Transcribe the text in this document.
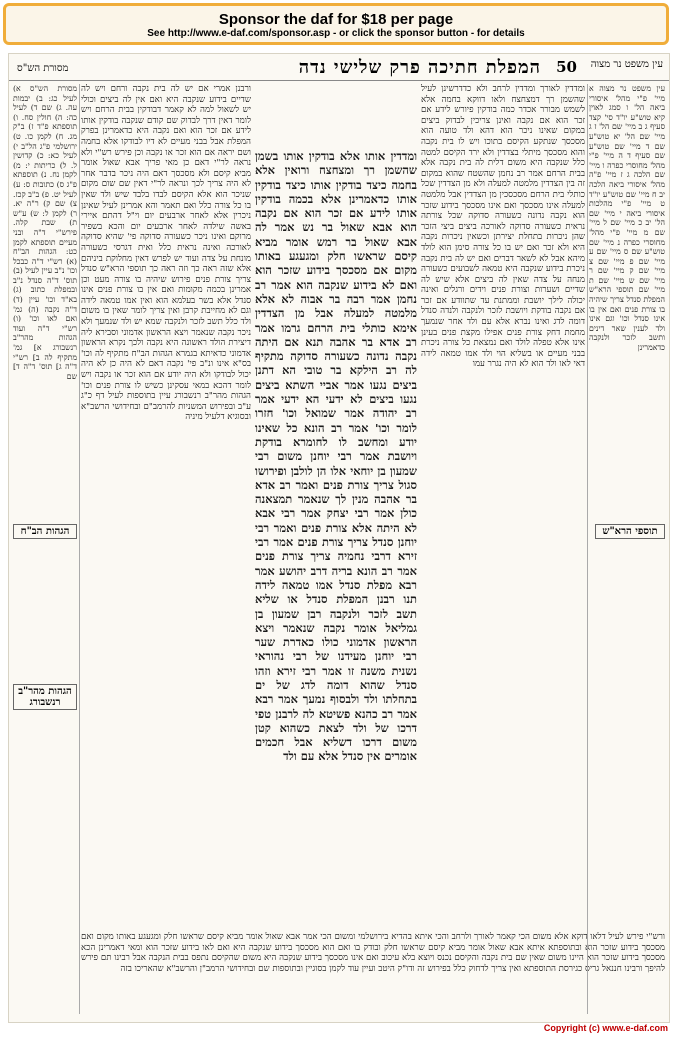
Sponsor the daf for $18 per page
See http://www.e-daf.com/sponsor.asp - or click the sponsor button - for details
50
המפלת חתיכה פרק שלישי נדה
מסורת הש"ס	עין משפט נר מצוה

עין משפט נר מצוה א מיי' פ"י מהל' איסורי ביאה הל' ו סמג לאוין קיא טוש"ע יו"ד סי' קצד סעיף ג ב מיי' שם הל' ז ג מיי' שם הל' יא טוש"ע שם ד מיי' שם טוש"ע שם סעיף ד ה מיי' פ"י מהל' מחוסרי כפרה ו מיי' שם הלכה ג ז מיי' פ"ה מהל' איסורי ביאה הלכה יב ח מיי' שם טוש"ע יו"ד ט מיי' פ"י מהלכות איסורי ביאה י מיי' שם הל' יב כ מיי' שם ל מיי' שם מ מיי' פ"י מהל' מחוסרי כפרה נ מיי' שם טוש"ע שם ס מיי' שם ע מיי' שם פ מיי' שם צ מיי' שם ק מיי' שם ר מיי' שם ש מיי' שם ת מיי' שם תוספי הרא"ש המפלת סנדל צריך שיהיה בו צורת פנים ואם אין בו אינו סנדל וכו' וגם אינו ולד לענין שאר דינים ותשב לזכר ולנקבה כדאמרינן

ומדדין לאורך ומדדין לרחב ולא כדדרשינן לעיל שהשמן רך דמצחצח ולאו דווקא בחמה אלא לשמש מבורר אכדר כמה בודקין פיורש לידע אם זכר הוא אם נקבה ואינן צריכין לבדוק ביצים במקום שאינו ניכר הוא דהא ולד טועה הוא מסכסך שנתקע הקיסם בתוכו ויש לו בית נקבה והוא מסכסך מיתלי בצדדין ולא ירד הקיסם למטה כלל שנקבה היא משום דלית לה בית נקבה אלא בבית הרחם אמר רב נחמן שהשטח שהוא במקום זה בין הצדדין מלמטה למעלה ולא מן הצדדין שכל כותלי בית הרחם מסכסכין מן הצדדין אבל מלמטה למעלה אינו מסכסך ואם אינו מסכסך בידוע שזכר הוא נקבה נדונה כשעורה סדוקה שכל צורתה נראית כשעורה סדוקה לאורכה ביצים ביצי הזכר שהן ניכרות בתחלת יצירתן וכשאין ניכרות נקבה היא ולא זכר ואם יש בו כל צורה סימן הוא לולד מיהא אבל לא לשאר דברים ואם יש לה בית נקבה ניכרת בידוע שנקבה היא טמאה לשבועים כשעורה מנחה על צדה שאין לה ביצים אלא שיש לה שדיים ושערות וצורת פנים וידים ורגלים ואינה יכולה לילך יושבת וממתנת עד שתוודע אם זכר אם נקבה בודקת ויושבת לזכר ולנקבה ולנדה סנדל דומה לדג ואינו נברא אלא עם ולד אחר שנמעך מחמת דחק צורת פנים אפילו מקצת פנים בעינן אינו אלא טפלה לולד ואם נמצאת כל צורה ניכרת בבני מעיים או בשליא הוי ולד אמו טמאה לידה דאי לאו ולד הוא לא היה נגרר עמו

ומדדין אותו אלא בודקין אותו בשמן שהשמן רך ומצחצח ורואין אלא בחמה כיצד בודקין אותו כיצד בודקין אותו כדאמרינן אלא בכמה בודקין אותו לידע אם זכר הוא אם נקבה הוא אבא שאול בר נש אמר לה אבא שאול בר רמש אומר מביא קיסם שראשו חלק ומגעגע באותו מקום אם מסכסך בידוע שזכר הוא ואם לא בידוע שנקבה הוא אמר רב נחמן אמר רבה בר אבוה לא אלא מלמטה למעלה אבל מן הצדדין אימא כותלי בית הרחם גרמו אמר רב אדא בר אהבה תנא אם היתה נקבה נדונה כשעורה סדוקה מתקיף לה רב הילקא בר טובי הא דתנן ביצים נגעו אמר אביי השתא ביצים נגעו ביצים לא ידעי הא ידעי אמר רב יהודה אמר שמואל וכו' חזרו לומר וכו' אמר רב הונא כל שאינו יודע ומחשב לו לחומרא בודקת ויושבת אמר רבי יוחנן משום רבי שמעון בן יוחאי אלו הן לולבן ופירושו סגול צריך צורת פנים ואמר רב אדא בר אהבה מנין לך שנאמר תמצאנה כולן אמר רבי יצחק אמר רבי אבא לא היתה אלא צורת פנים ואמר רבי יוחנן סנדל צריך צורת פנים אמר רבי זירא דרבי נחמיה צריך צורת פנים אמר רב הונא בריה דרב יהושע אמר רבא מפלת סנדל אמו טמאה לידה תנו רבנן המפלת סנדל או שליא תשב לזכר ולנקבה רבן שמעון בן גמליאל אומר נקבה שנאמר ויצא הראשון אדמוני כולו כאדרת שער רבי יוחנן מעידנו של רבי נהוראי נשנית משנה זו אמר רבי זירא וזהו סנדל שהוא דומה לדג של ים בתחלתו ולד ולבסוף נמעך אמר רבא אמר רב כהנא פשיטא לה לרבנן טפי דרכו של ולד לצאת כשהוא קטן משום דרכו דשליא אבל חכמים אומרים אין סנדל אלא עם ולד

ורבנן אמרי אם יש לה בית נקבה ורחם ויש לה שדיים בידוע שנקבה היא ואם אין לה ביצים וכולי יש לשאול למה לא קאמר דבודקין בבית הרחם ויש לומר דאין דרך לבדוק שם קודם שנקבה בודקין אותו לידע אם זכר הוא ואם נקבה היא כדאמרינן בפרק המפלת אבל בבני מעיים לא דיו לבודקו אלא בחמה ושם יראה אם הוא זכר או נקבה וכן פירש רש"י ולא נראה לר"י דאם כן מאי פריך אבא שאול אומר מביא קיסם ולא מסכסך דאם היה ניכר בדבר אחר לא היה צריך לכך ונראה לר"י דאין שם שום מקום שניכר הוא אלא הקיסם לבדו בלבד שיש ולד שאין בו כל צורה כלל ואם תאמר והא אמרינן לעיל שאינן ניכרין אלא לאחר ארבעים יום וי"ל דהתם איירי באשה שילדה לאחר ארבעים יום והכא בשפיר מרוקם ואינו ניכר כשעורה סדוקה פי' שהיא סדוקה לאורכה ואינה נראית כלל ואית דגרסי כשעורה מונחת על צדה ועוד יש לפרש דאין מחלוקת ביניהם אלא שזה ראה כך וזה ראה כך תוספי הרא"ש סנדל צריך צורת פנים פירוש שיהיה בו צורה מעט וכן אמרינן בכמה מקומות ואם אין בו צורת פנים אינו סנדל אלא בשר בעלמא הוא ואין אמו טמאה לידה וגם לא מחייבת קרבן ואין צריך לומר שאין בו משום ולד כלל תשב לזכר ולנקבה שמא יש ולד שנמעך ולא ניכר נקבה שנאמר ויצא הראשון אדמוני וסבירא ליה דיצירת הולד ראשונה היא נקבה ולכך נקרא הראשון אדמוני כדאיתא בגמרא הגהות הב"ח מתקיף לה וכו' בס"א אינו ונ"ב פי' נקבה דאם לא היה כן לא היה יכול לבודקו ולא היה יודע אם הוא זכר או נקבה ויש לומר דהכא במאי עסקינן כשיש לו צורת פנים וכו' הגהות מהר"ב רנשבורג עיין בתוספות לעיל דף כ"ג ע"ב ובפירוש המשניות להרמב"ם ובחידושי הרשב"א ובסוגיא דלעיל מיניה

מסורת הש"ס א) לעיל כג: ב) יבמות עה. ג) שם ד) לעיל כה: ה) חולין סח. ו) תוספתא פ"ד ז) ב"ק מג. ח) לקמן כו. ט) ירושלמי פ"ג הל"ב י) לעיל כא: כ) קדושין ל. ל) כריתות י: מ) לקמן נח. נ) תוספתא פ"ג ס) כתובות ס: ע) לעיל יט. פ) ב"ב קכז. צ) שם ק) ר"ה יא. ר) לקמן ל: ש) ע"ש ת) שבת קלה. פירש"י ד"ה ובני מעיים תוספתא לקמן כט: הגהות הב"ח (א) רש"י ד"ה כבכל וכו' נ"ב עיין לעיל (ב) תוס' ד"ה סנדל נ"ב ובמפלת כתוב (ג) בא"ד וכו' עיין (ד) ד"ה נקבה (ה) גמ' ואם לאו וכו' (ו) רש"י ד"ה ועוד הגהות מהר"ב רנשבורג א] גמ' מתקיף לה ב] רש"י ד"ה ג] תוס' ד"ה ד] שם

ורש"י פירש לעיל דלאו דוקא אלא משום הכי קאמר לאורך ולרחב והכי איתא בהדיא בירושלמי ומשום הכי אמר אבא שאול אומר מביא קיסם שראשו חלק ומגעגע באותו מקום ואם מסכסך בידוע שזכר הוא ובתוספתא איתא אבא שאול אומר מביא קיסם שראשו חלק ובודק בו ואם הוא מסכסך בידוע שנקבה היא ואם לאו בידוע שזכר הוא ומאי דאמרינן הכא מסכסך בידוע שזכר הוא היינו משום שאין שם בית נקבה והקיסם נכנס ויוצא בלא עיכוב ואם אינו מסכסך בידוע שנקבה היא משום שהקיסם נתפס בבית הנקבה אבל רבינו תם פירש להיפך ורבינו חננאל גריס כגירסת התוספתא ואין צריך לדחוק כלל בפירוש זה ודו"ק היטב ועיין עוד לקמן בסוגיין ובתוספות שם ובחידושי הרמב"ן והרשב"א שהאריכו בזה

תוספי הרא"ש
הגהות הב"ח
הגהות מהר"ב רנשבורג
Copyright (c) www.e-daf.com
